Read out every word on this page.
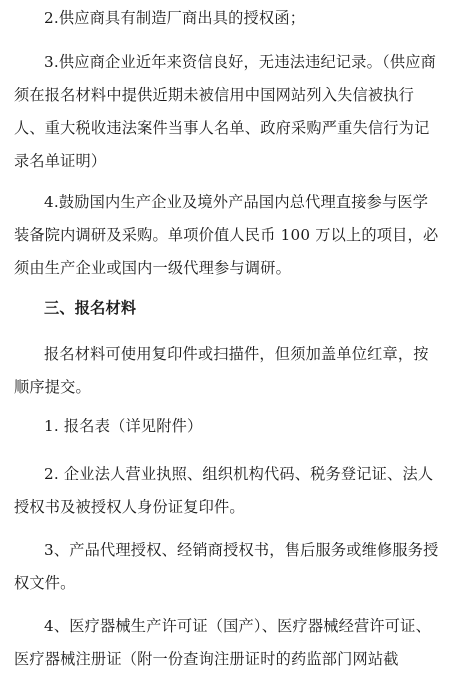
2.供应商具有制造厂商出具的授权函；

3.供应商企业近年来资信良好，无违法违纪记录。（供应商须在报名材料中提供近期未被信用中国网站列入失信被执行人、重大税收违法案件当事人名单、政府采购严重失信行为记录名单证明）

4.鼓励国内生产企业及境外产品国内总代理直接参与医学装备院内调研及采购。单项价值人民币 100 万以上的项目，必须由生产企业或国内一级代理参与调研。

三、报名材料

报名材料可使用复印件或扫描件，但须加盖单位红章，按顺序提交。

1. 报名表（详见附件）

2. 企业法人营业执照、组织机构代码、税务登记证、法人授权书及被授权人身份证复印件。

3、产品代理授权、经销商授权书，售后服务或维修服务授权文件。

4、医疗器械生产许可证（国产）、医疗器械经营许可证、医疗器械注册证（附一份查询注册证时的药监部门网站截
